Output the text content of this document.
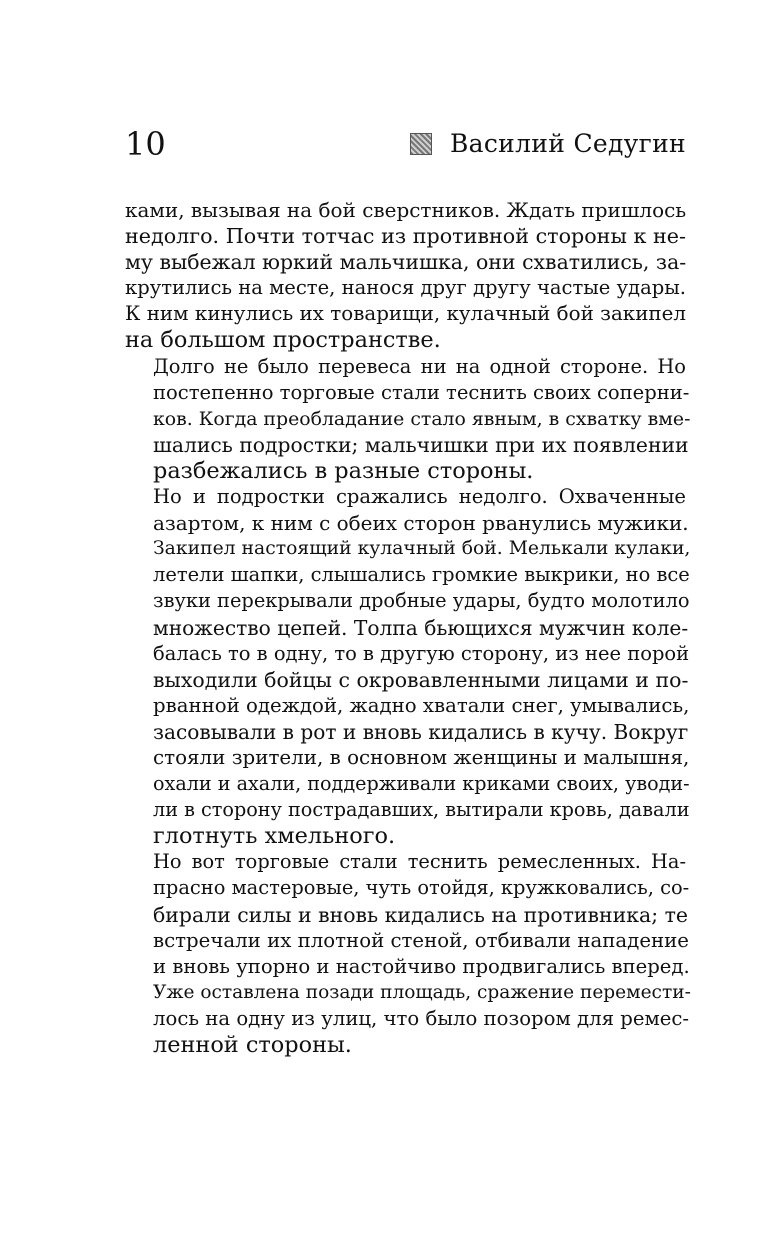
10	Василий Седугин

ками, вызывая на бой сверстников. Ждать пришлось
недолго. Почти тотчас из противной стороны к не-
му выбежал юркий мальчишка, они схватились, за-
крутились на месте, нанося друг другу частые удары.
К ним кинулись их товарищи, кулачный бой закипел
на большом пространстве.

Долго не было перевеса ни на одной стороне. Но
постепенно торговые стали теснить своих соперни-
ков. Когда преобладание стало явным, в схватку вме-
шались подростки; мальчишки при их появлении
разбежались в разные стороны.

Но и подростки сражались недолго. Охваченные
азартом, к ним с обеих сторон рванулись мужики.
Закипел настоящий кулачный бой. Мелькали кулаки,
летели шапки, слышались громкие выкрики, но все
звуки перекрывали дробные удары, будто молотило
множество цепей. Толпа бьющихся мужчин коле-
балась то в одну, то в другую сторону, из нее порой
выходили бойцы с окровавленными лицами и по-
рванной одеждой, жадно хватали снег, умывались,
засовывали в рот и вновь кидались в кучу. Вокруг
стояли зрители, в основном женщины и малышня,
охали и ахали, поддерживали криками своих, уводи-
ли в сторону пострадавших, вытирали кровь, давали
глотнуть хмельного.

Но вот торговые стали теснить ремесленных. На-
прасно мастеровые, чуть отойдя, кружковались, со-
бирали силы и вновь кидались на противника; те
встречали их плотной стеной, отбивали нападение
и вновь упорно и настойчиво продвигались вперед.
Уже оставлена позади площадь, сражение перемести-
лось на одну из улиц, что было позором для ремес-
ленной стороны.
